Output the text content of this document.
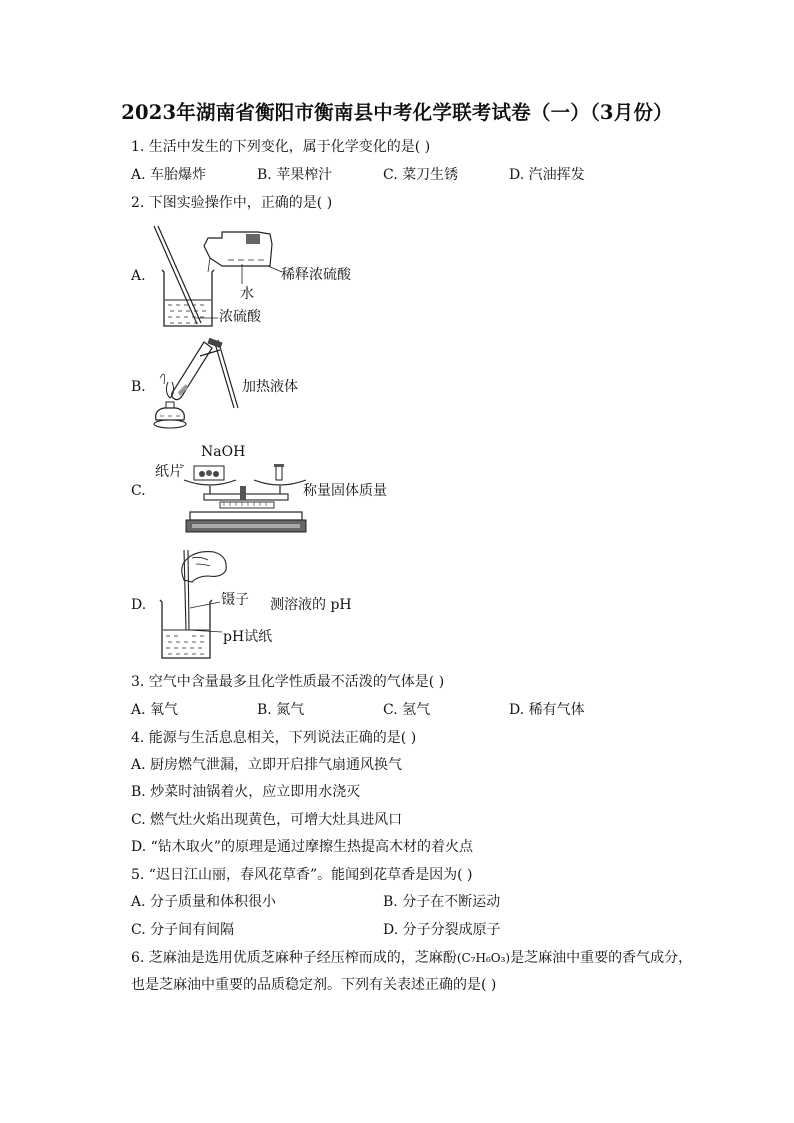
2023年湖南省衡阳市衡南县中考化学联考试卷（一）（3月份）
1. 生活中发生的下列变化，属于化学变化的是( )
A. 车胎爆炸	B. 苹果榨汁	C. 菜刀生锈	D. 汽油挥发
2. 下图实验操作中，正确的是( )
A.	稀释浓硫酸
水
浓硫酸
B.	加热液体
C.
NaOH
纸片
称量固体质量
D.	镊子 测溶液的 pH
pH试纸
3. 空气中含量最多且化学性质最不活泼的气体是( )
A. 氧气	B. 氮气	C. 氢气	D. 稀有气体
4. 能源与生活息息相关，下列说法正确的是( )
A. 厨房燃气泄漏，立即开启排气扇通风换气
B. 炒菜时油锅着火，应立即用水浇灭
C. 燃气灶火焰出现黄色，可增大灶具进风口
D. “钻木取火”的原理是通过摩擦生热提高木材的着火点
5. “迟日江山丽，春风花草香”。能闻到花草香是因为( )
A. 分子质量和体积很小	B. 分子在不断运动
C. 分子间有间隔	D. 分子分裂成原子
6. 芝麻油是选用优质芝麻种子经压榨而成的，芝麻酚(C₇H₆O₃)是芝麻油中重要的香气成分，
也是芝麻油中重要的品质稳定剂。下列有关表述正确的是( )
